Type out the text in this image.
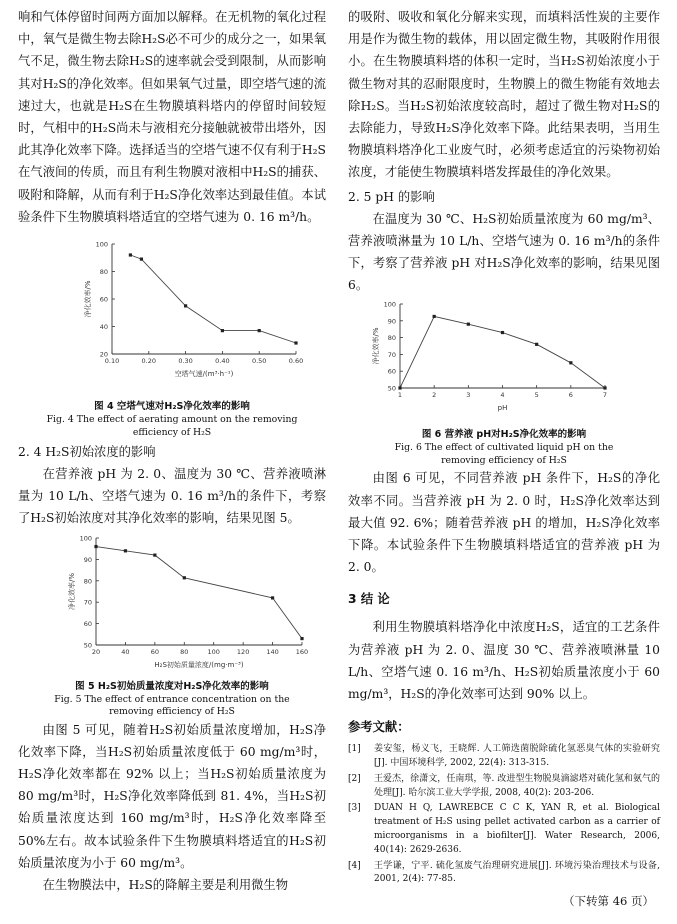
响和气体停留时间两方面加以解释。在无机物的氧化过程中，氧气是微生物去除H₂S必不可少的成分之一，如果氧气不足，微生物去除H₂S的速率就会受到限制，从而影响其对H₂S的净化效率。但如果氧气过量，即空塔气速的流速过大，也就是H₂S在生物膜填料塔内的停留时间较短时，气相中的H₂S尚未与液相充分接触就被带出塔外，因此其净化效率下降。选择适当的空塔气速不仅有利于H₂S在气液间的传质，而且有利生物膜对液相中H₂S的捕获、吸附和降解，从而有利于H₂S净化效率达到最佳值。本试验条件下生物膜填料塔适宜的空塔气速为 0. 16 m³/h。

20
40
60
80
100
0.10	0.20	0.30	0.40	0.50	0.60
空塔气速/(m³·h⁻¹)
净化效率/%

图 4 空塔气速对H₂S净化效率的影响

Fig. 4 The effect of aerating amount on the removing efficiency of H₂S

2. 4 H₂S初始浓度的影响

在营养液 pH 为 2. 0、温度为 30 ℃、营养液喷淋量为 10 L/h、空塔气速为 0. 16 m³/h的条件下，考察了H₂S初始浓度对其净化效率的影响，结果见图 5。

50
60
70
80
90
100
20	40	60	80	100	120	140	160
H₂S初始质量浓度/(mg·m⁻³)
净化效率/%

图 5 H₂S初始质量浓度对H₂S净化效率的影响

Fig. 5 The effect of entrance concentration on the removing efficiency of H₂S

由图 5 可见，随着H₂S初始质量浓度增加，H₂S净化效率下降，当H₂S初始质量浓度低于 60 mg/m³时，H₂S净化效率都在 92% 以上；当H₂S初始质量浓度为 80 mg/m³时，H₂S净化效率降低到 81. 4%，当H₂S初始质量浓度达到 160 mg/m³时，H₂S净化效率降至 50%左右。故本试验条件下生物膜填料塔适宜的H₂S初始质量浓度为小于 60 mg/m³。

在生物膜法中，H₂S的降解主要是利用微生物

的吸附、吸收和氧化分解来实现，而填料活性炭的主要作用是作为微生物的载体，用以固定微生物，其吸附作用很小。在生物膜填料塔的体积一定时，当H₂S初始浓度小于微生物对其的忍耐限度时，生物膜上的微生物能有效地去除H₂S。当H₂S初始浓度较高时，超过了微生物对H₂S的去除能力，导致H₂S净化效率下降。此结果表明，当用生物膜填料塔净化工业废气时，必须考虑适宜的污染物初始浓度，才能使生物膜填料塔发挥最佳的净化效果。

2. 5 pH 的影响

在温度为 30 ℃、H₂S初始质量浓度为 60 mg/m³、营养液喷淋量为 10 L/h、空塔气速为 0. 16 m³/h的条件下，考察了营养液 pH 对H₂S净化效率的影响，结果见图 6。

50
60
70
80
90
100
1	2	3	4	5	6	7
pH
净化效率/%

图 6 营养液 pH对H₂S净化效率的影响

Fig. 6 The effect of cultivated liquid pH on the removing efficiency of H₂S

由图 6 可见，不同营养液 pH 条件下，H₂S的净化效率不同。当营养液 pH 为 2. 0 时，H₂S净化效率达到最大值 92. 6%；随着营养液 pH 的增加，H₂S净化效率下降。本试验条件下生物膜填料塔适宜的营养液 pH 为 2. 0。

3 结 论

利用生物膜填料塔净化中浓度H₂S，适宜的工艺条件为营养液 pH 为 2. 0、温度 30 ℃、营养液喷淋量 10 L/h、空塔气速 0. 16 m³/h、H₂S初始质量浓度小于 60 mg/m³，H₂S的净化效率可达到 90% 以上。

参考文献：

[1]	姜安玺，杨义飞，王晓辉. 人工筛选菌脱除硫化氢恶臭气体的实验研究[J]. 中国环境科学, 2002, 22(4): 313-315.
[2]	王爱杰，徐潇文，任南琪，等. 改进型生物脱臭滴滤塔对硫化氢和氨气的处理[J]. 哈尔滨工业大学学报, 2008, 40(2): 203-206.
[3]	DUAN H Q, LAWREBCE C C K, YAN R, et al. Biological treatment of H₂S using pellet activated carbon as a carrier of microorganisms in a biofilter[J]. Water Research, 2006, 40(14): 2629-2636.
[4]	王学谦，宁平. 硫化氢废气治理研究进展[J]. 环境污染治理技术与设备, 2001, 2(4): 77-85.

（下转第 46 页）
